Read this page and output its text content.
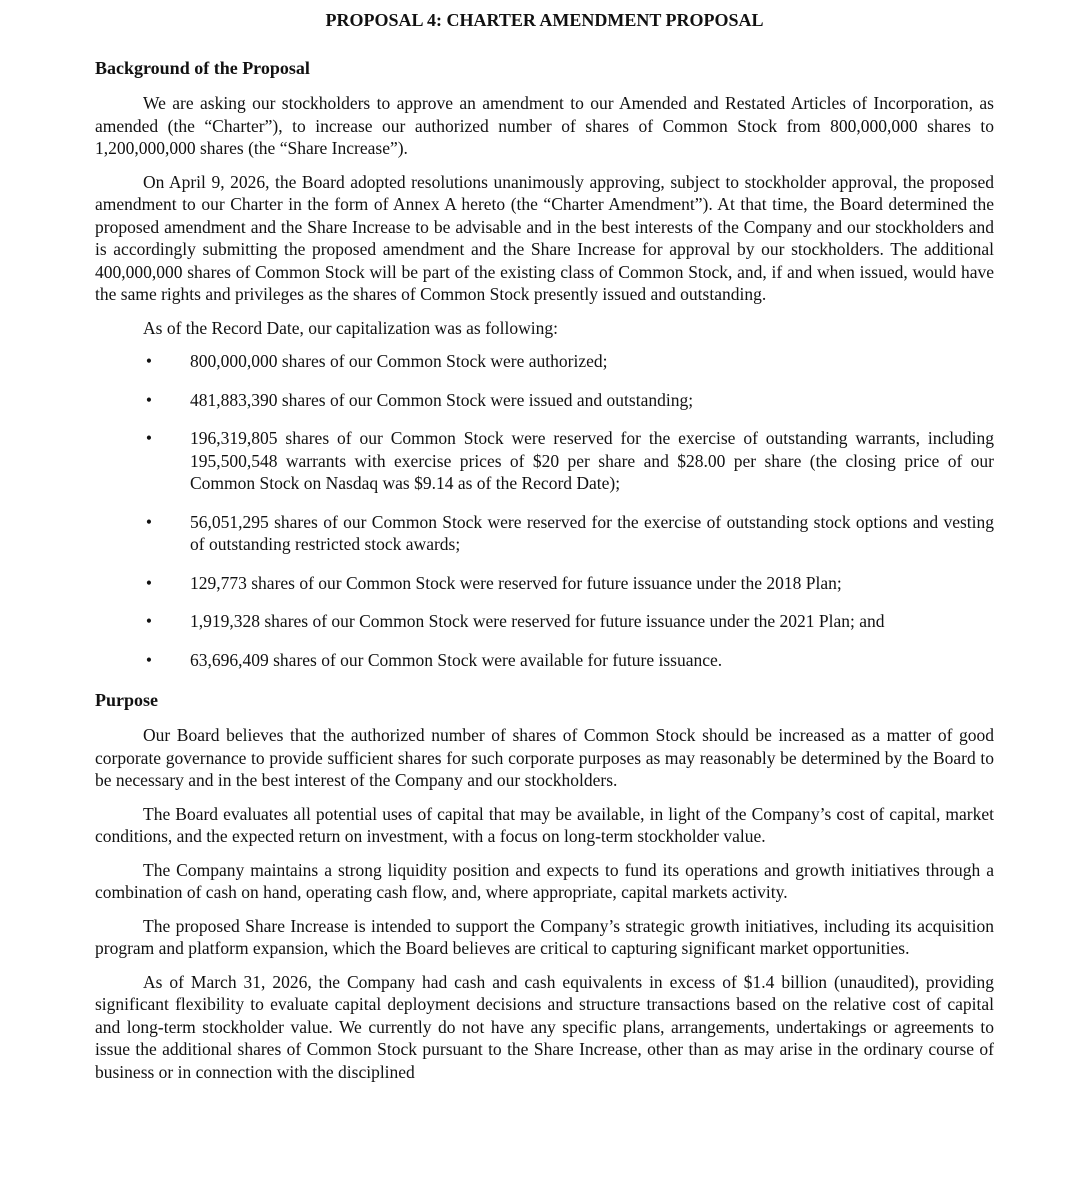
PROPOSAL 4: CHARTER AMENDMENT PROPOSAL
Background of the Proposal

We are asking our stockholders to approve an amendment to our Amended and Restated Articles of Incorporation, as amended (the “Charter”), to increase our authorized number of shares of Common Stock from 800,000,000 shares to 1,200,000,000 shares (the “Share Increase”).

On April 9, 2026, the Board adopted resolutions unanimously approving, subject to stockholder approval, the proposed amendment to our Charter in the form of Annex A hereto (the “Charter Amendment”). At that time, the Board determined the proposed amendment and the Share Increase to be advisable and in the best interests of the Company and our stockholders and is accordingly submitting the proposed amendment and the Share Increase for approval by our stockholders. The additional 400,000,000 shares of Common Stock will be part of the existing class of Common Stock, and, if and when issued, would have the same rights and privileges as the shares of Common Stock presently issued and outstanding.

As of the Record Date, our capitalization was as following:

• 800,000,000 shares of our Common Stock were authorized;
• 481,883,390 shares of our Common Stock were issued and outstanding;
• 196,319,805 shares of our Common Stock were reserved for the exercise of outstanding warrants, including 195,500,548 warrants with exercise prices of $20 per share and $28.00 per share (the closing price of our Common Stock on Nasdaq was $9.14 as of the Record Date);
• 56,051,295 shares of our Common Stock were reserved for the exercise of outstanding stock options and vesting of outstanding restricted stock awards;
• 129,773 shares of our Common Stock were reserved for future issuance under the 2018 Plan;
• 1,919,328 shares of our Common Stock were reserved for future issuance under the 2021 Plan; and
• 63,696,409 shares of our Common Stock were available for future issuance.
Purpose

Our Board believes that the authorized number of shares of Common Stock should be increased as a matter of good corporate governance to provide sufficient shares for such corporate purposes as may reasonably be determined by the Board to be necessary and in the best interest of the Company and our stockholders.

The Board evaluates all potential uses of capital that may be available, in light of the Company’s cost of capital, market conditions, and the expected return on investment, with a focus on long-term stockholder value.

The Company maintains a strong liquidity position and expects to fund its operations and growth initiatives through a combination of cash on hand, operating cash flow, and, where appropriate, capital markets activity.

The proposed Share Increase is intended to support the Company’s strategic growth initiatives, including its acquisition program and platform expansion, which the Board believes are critical to capturing significant market opportunities.

As of March 31, 2026, the Company had cash and cash equivalents in excess of $1.4 billion (unaudited), providing significant flexibility to evaluate capital deployment decisions and structure transactions based on the relative cost of capital and long-term stockholder value. We currently do not have any specific plans, arrangements, undertakings or agreements to issue the additional shares of Common Stock pursuant to the Share Increase, other than as may arise in the ordinary course of business or in connection with the disciplined
